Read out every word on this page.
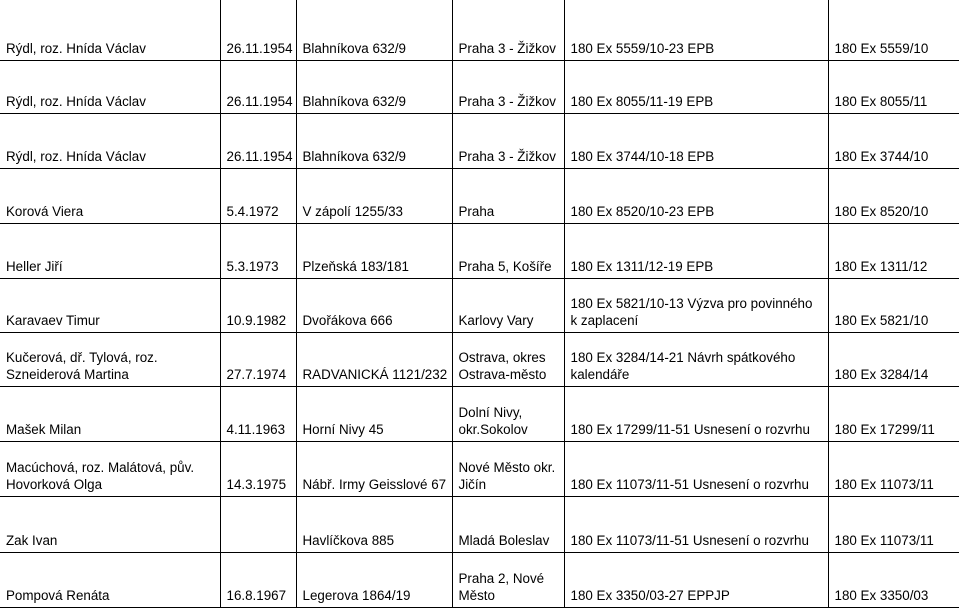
Rýdl, roz. Hnída Václav	26.11.1954	Blahníkova 632/9	Praha 3 - Žižkov	180 Ex 5559/10-23 EPB	180 Ex 5559/10
Rýdl, roz. Hnída Václav	26.11.1954	Blahníkova 632/9	Praha 3 - Žižkov	180 Ex 8055/11-19 EPB	180 Ex 8055/11
Rýdl, roz. Hnída Václav	26.11.1954	Blahníkova 632/9	Praha 3 - Žižkov	180 Ex 3744/10-18 EPB	180 Ex 3744/10
Korová Viera	5.4.1972	V zápolí 1255/33	Praha	180 Ex 8520/10-23 EPB	180 Ex 8520/10
Heller Jiří	5.3.1973	Plzeňská 183/181	Praha 5, Košíře	180 Ex 1311/12-19 EPB	180 Ex 1311/12
Karavaev Timur	10.9.1982	Dvořákova 666	Karlovy Vary	180 Ex 5821/10-13 Výzva pro povinného k zaplacení	180 Ex 5821/10
Kučerová, dř. Tylová, roz. Szneiderová Martina	27.7.1974	RADVANICKÁ 1121/232	Ostrava, okres Ostrava-město	180 Ex 3284/14-21 Návrh spátkového kalendáře	180 Ex 3284/14
Mašek Milan	4.11.1963	Horní Nivy 45	Dolní Nivy, okr.Sokolov	180 Ex 17299/11-51 Usnesení o rozvrhu	180 Ex 17299/11
Macúchová, roz. Malátová, pův. Hovorková Olga	14.3.1975	Nábř. Irmy Geisslové 67	Nové Město okr. Jičín	180 Ex 11073/11-51 Usnesení o rozvrhu	180 Ex 11073/11
Zak Ivan		Havlíčkova 885	Mladá Boleslav	180 Ex 11073/11-51 Usnesení o rozvrhu	180 Ex 11073/11
Pompová Renáta	16.8.1967	Legerova 1864/19	Praha 2, Nové Město	180 Ex 3350/03-27 EPPJP	180 Ex 3350/03
